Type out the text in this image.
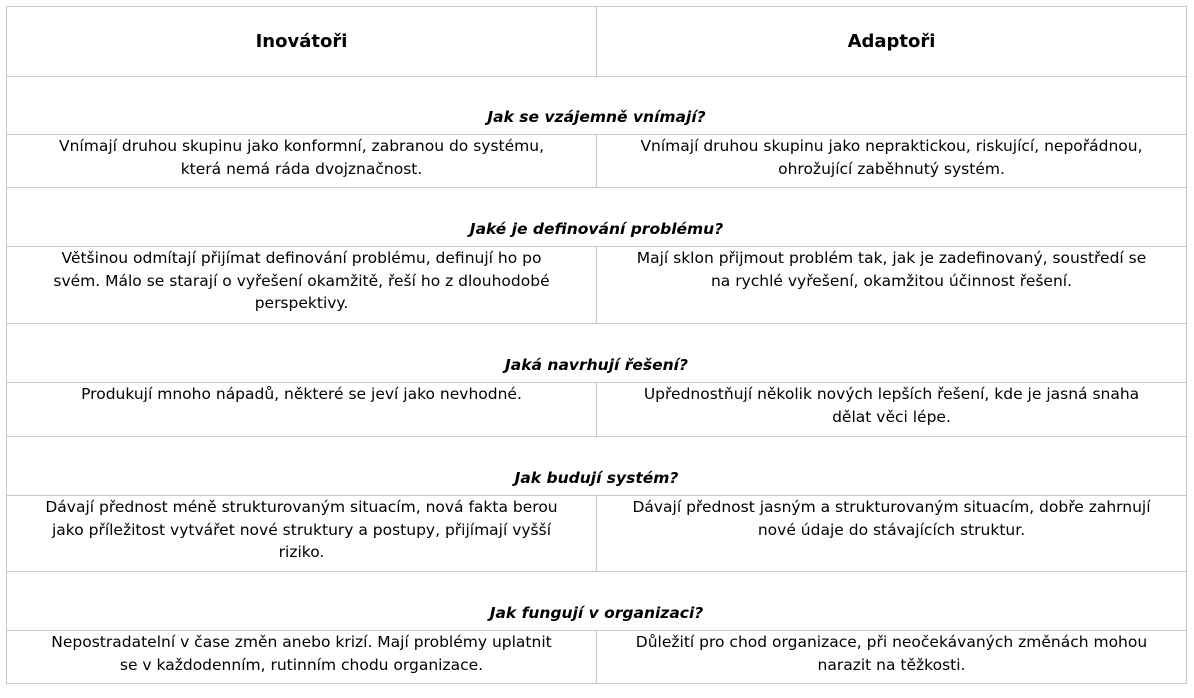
Inovátoři	Adaptoři
Jak se vzájemně vnímají?	
Vnímají druhou skupinu jako konformní, zabranou do systému, která nemá ráda dvojznačnost.	Vnímají druhou skupinu jako nepraktickou, riskující, nepořádnou, ohrožující zaběhnutý systém.
Jaké je definování problému?	
Většinou odmítají přijímat definování problému, definují ho po svém. Málo se starají o vyřešení okamžitě, řeší ho z dlouhodobé perspektivy.	Mají sklon přijmout problém tak, jak je zadefinovaný, soustředí se na rychlé vyřešení, okamžitou účinnost řešení.
Jaká navrhují řešení?	
Produkují mnoho nápadů, některé se jeví jako nevhodné.	Upřednostňují několik nových lepších řešení, kde je jasná snaha dělat věci lépe.
Jak budují systém?	
Dávají přednost méně strukturovaným situacím, nová fakta berou jako příležitost vytvářet nové struktury a postupy, přijímají vyšší riziko.	Dávají přednost jasným a strukturovaným situacím, dobře zahrnují nové údaje do stávajících struktur.
Jak fungují v organizaci?	
Nepostradatelní v čase změn anebo krizí. Mají problémy uplatnit se v každodenním, rutinním chodu organizace.	Důležití pro chod organizace, při neočekávaných změnách mohou narazit na těžkosti.
